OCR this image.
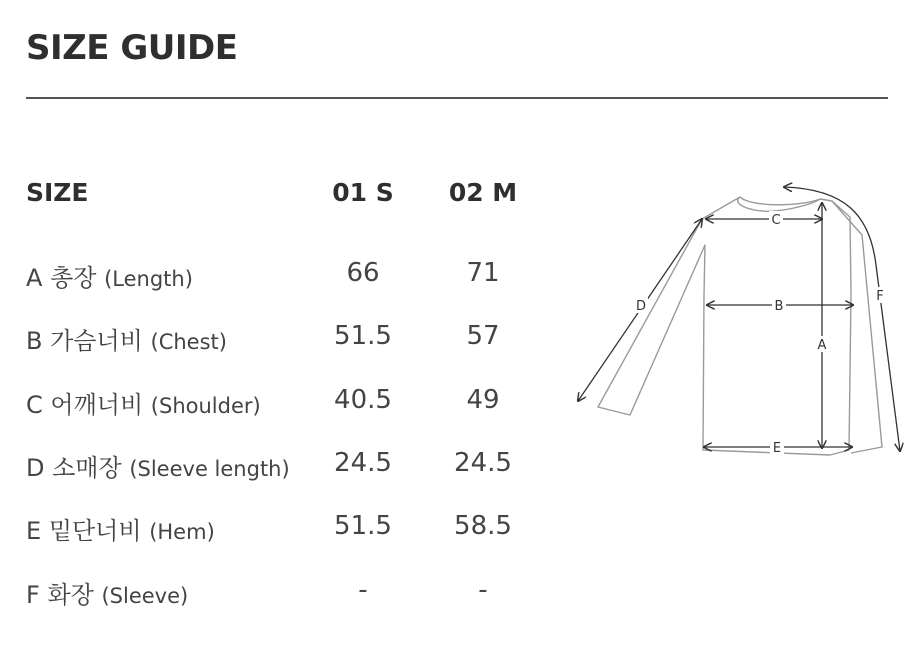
SIZE GUIDE
SIZE	01 S	02 M
A 총장 (Length)	66	71
B 가슴너비 (Chest)	51.5	57
C 어깨너비 (Shoulder)	40.5	49
D 소매장 (Sleeve length)	24.5	24.5
E 밑단너비 (Hem)	51.5	58.5
F 화장 (Sleeve)	-	-
C
B
A
E
D
F
